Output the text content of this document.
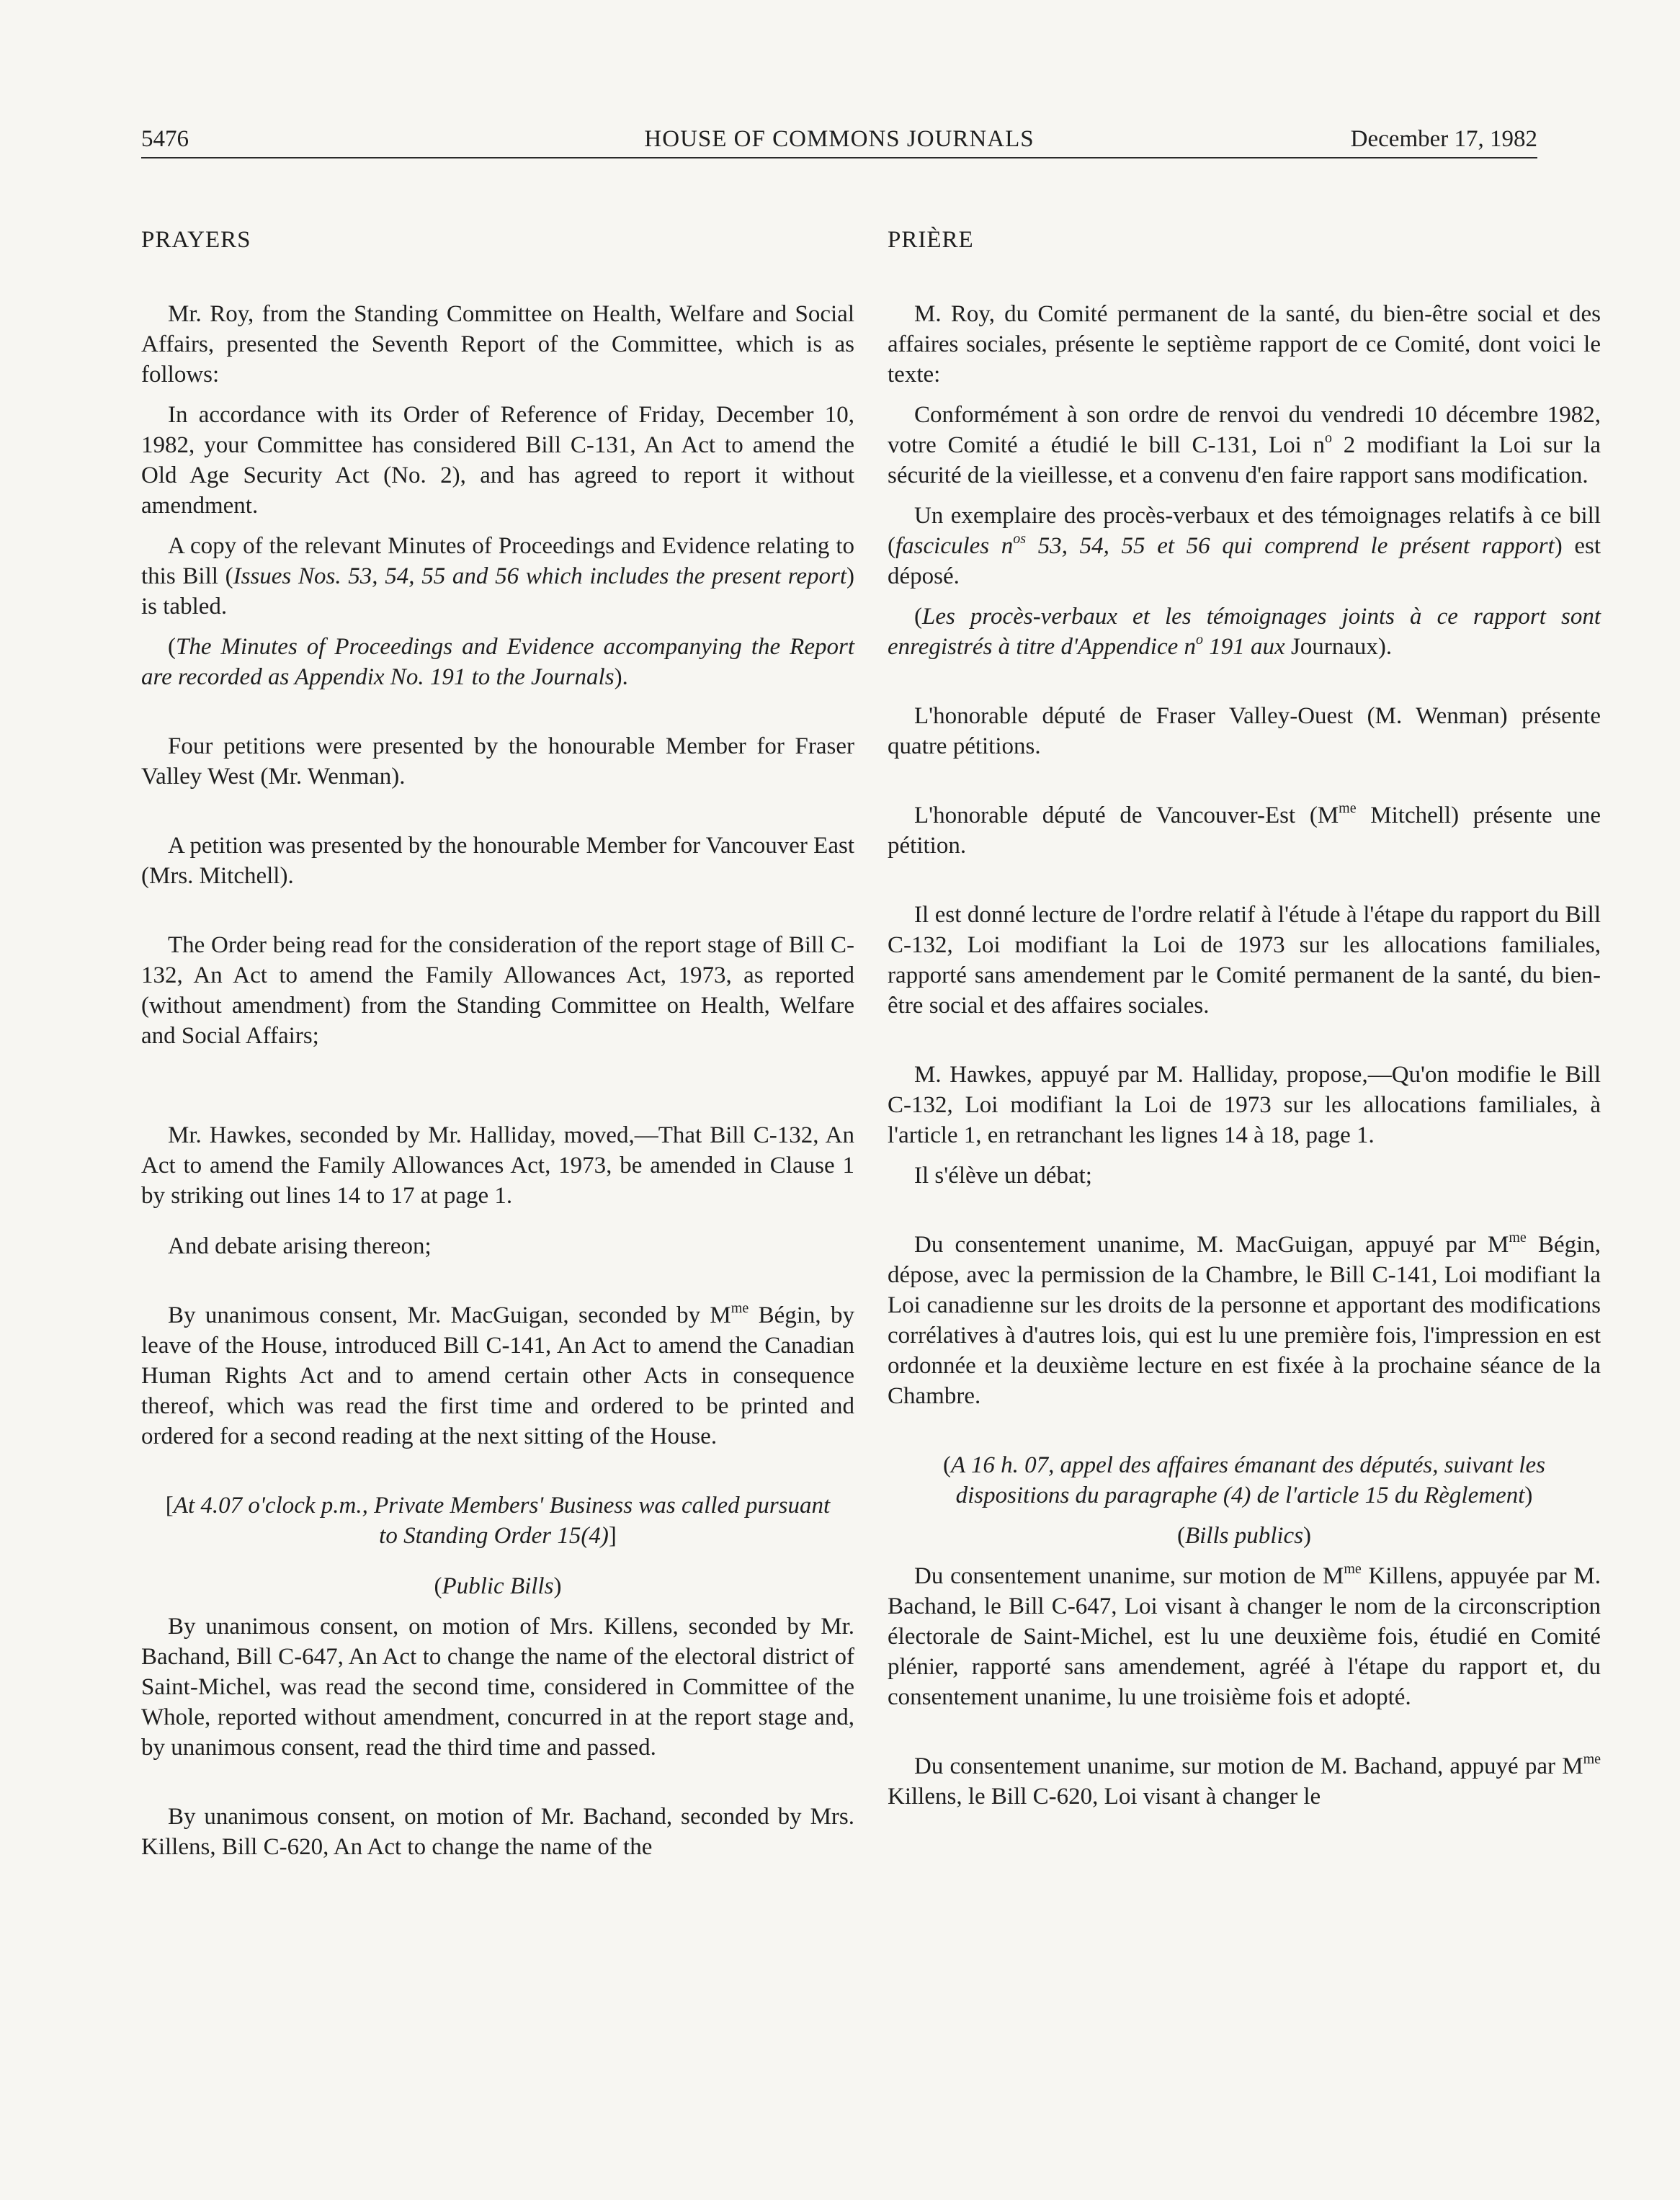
5476	HOUSE OF COMMONS JOURNALS	December 17, 1982

PRAYERS

Mr. Roy, from the Standing Committee on Health, Welfare and Social Affairs, presented the Seventh Report of the Committee, which is as follows:

In accordance with its Order of Reference of Friday, December 10, 1982, your Committee has considered Bill C-131, An Act to amend the Old Age Security Act (No. 2), and has agreed to report it without amendment.

A copy of the relevant Minutes of Proceedings and Evidence relating to this Bill (Issues Nos. 53, 54, 55 and 56 which includes the present report) is tabled.

(The Minutes of Proceedings and Evidence accompanying the Report are recorded as Appendix No. 191 to the Journals).

Four petitions were presented by the honourable Member for Fraser Valley West (Mr. Wenman).

A petition was presented by the honourable Member for Vancouver East (Mrs. Mitchell).

The Order being read for the consideration of the report stage of Bill C-132, An Act to amend the Family Allowances Act, 1973, as reported (without amendment) from the Standing Committee on Health, Welfare and Social Affairs;

Mr. Hawkes, seconded by Mr. Halliday, moved,—That Bill C-132, An Act to amend the Family Allowances Act, 1973, be amended in Clause 1 by striking out lines 14 to 17 at page 1.

And debate arising thereon;

By unanimous consent, Mr. MacGuigan, seconded by $M^{me}$ Bégin, by leave of the House, introduced Bill C-141, An Act to amend the Canadian Human Rights Act and to amend certain other Acts in consequence thereof, which was read the first time and ordered to be printed and ordered for a second reading at the next sitting of the House.

[At 4.07 o'clock p.m., Private Members' Business was called pursuant to Standing Order 15(4)]

(Public Bills)

By unanimous consent, on motion of Mrs. Killens, seconded by Mr. Bachand, Bill C-647, An Act to change the name of the electoral district of Saint-Michel, was read the second time, considered in Committee of the Whole, reported without amendment, concurred in at the report stage and, by unanimous consent, read the third time and passed.

By unanimous consent, on motion of Mr. Bachand, seconded by Mrs. Killens, Bill C-620, An Act to change the name of the

PRIÈRE

M. Roy, du Comité permanent de la santé, du bien-être social et des affaires sociales, présente le septième rapport de ce Comité, dont voici le texte:

Conformément à son ordre de renvoi du vendredi 10 décembre 1982, votre Comité a étudié le bill C-131, Loi $n^o$ 2 modifiant la Loi sur la sécurité de la vieillesse, et a convenu d'en faire rapport sans modification.

Un exemplaire des procès-verbaux et des témoignages relatifs à ce bill (fascicules $n^{os}$ 53, 54, 55 et 56 qui comprend le présent rapport) est déposé.

(Les procès-verbaux et les témoignages joints à ce rapport sont enregistrés à titre d'Appendice $n^o$ 191 aux Journaux).

L'honorable député de Fraser Valley-Ouest (M. Wenman) présente quatre pétitions.

L'honorable député de Vancouver-Est ($M^{me}$ Mitchell) présente une pétition.

Il est donné lecture de l'ordre relatif à l'étude à l'étape du rapport du Bill C-132, Loi modifiant la Loi de 1973 sur les allocations familiales, rapporté sans amendement par le Comité permanent de la santé, du bien-être social et des affaires sociales.

M. Hawkes, appuyé par M. Halliday, propose,—Qu'on modifie le Bill C-132, Loi modifiant la Loi de 1973 sur les allocations familiales, à l'article 1, en retranchant les lignes 14 à 18, page 1.

Il s'élève un débat;

Du consentement unanime, M. MacGuigan, appuyé par $M^{me}$ Bégin, dépose, avec la permission de la Chambre, le Bill C-141, Loi modifiant la Loi canadienne sur les droits de la personne et apportant des modifications corrélatives à d'autres lois, qui est lu une première fois, l'impression en est ordonnée et la deuxième lecture en est fixée à la prochaine séance de la Chambre.

(A 16 h. 07, appel des affaires émanant des députés, suivant les dispositions du paragraphe (4) de l'article 15 du Règlement)

(Bills publics)

Du consentement unanime, sur motion de $M^{me}$ Killens, appuyée par M. Bachand, le Bill C-647, Loi visant à changer le nom de la circonscription électorale de Saint-Michel, est lu une deuxième fois, étudié en Comité plénier, rapporté sans amendement, agréé à l'étape du rapport et, du consentement unanime, lu une troisième fois et adopté.

Du consentement unanime, sur motion de M. Bachand, appuyé par $M^{me}$ Killens, le Bill C-620, Loi visant à changer le
